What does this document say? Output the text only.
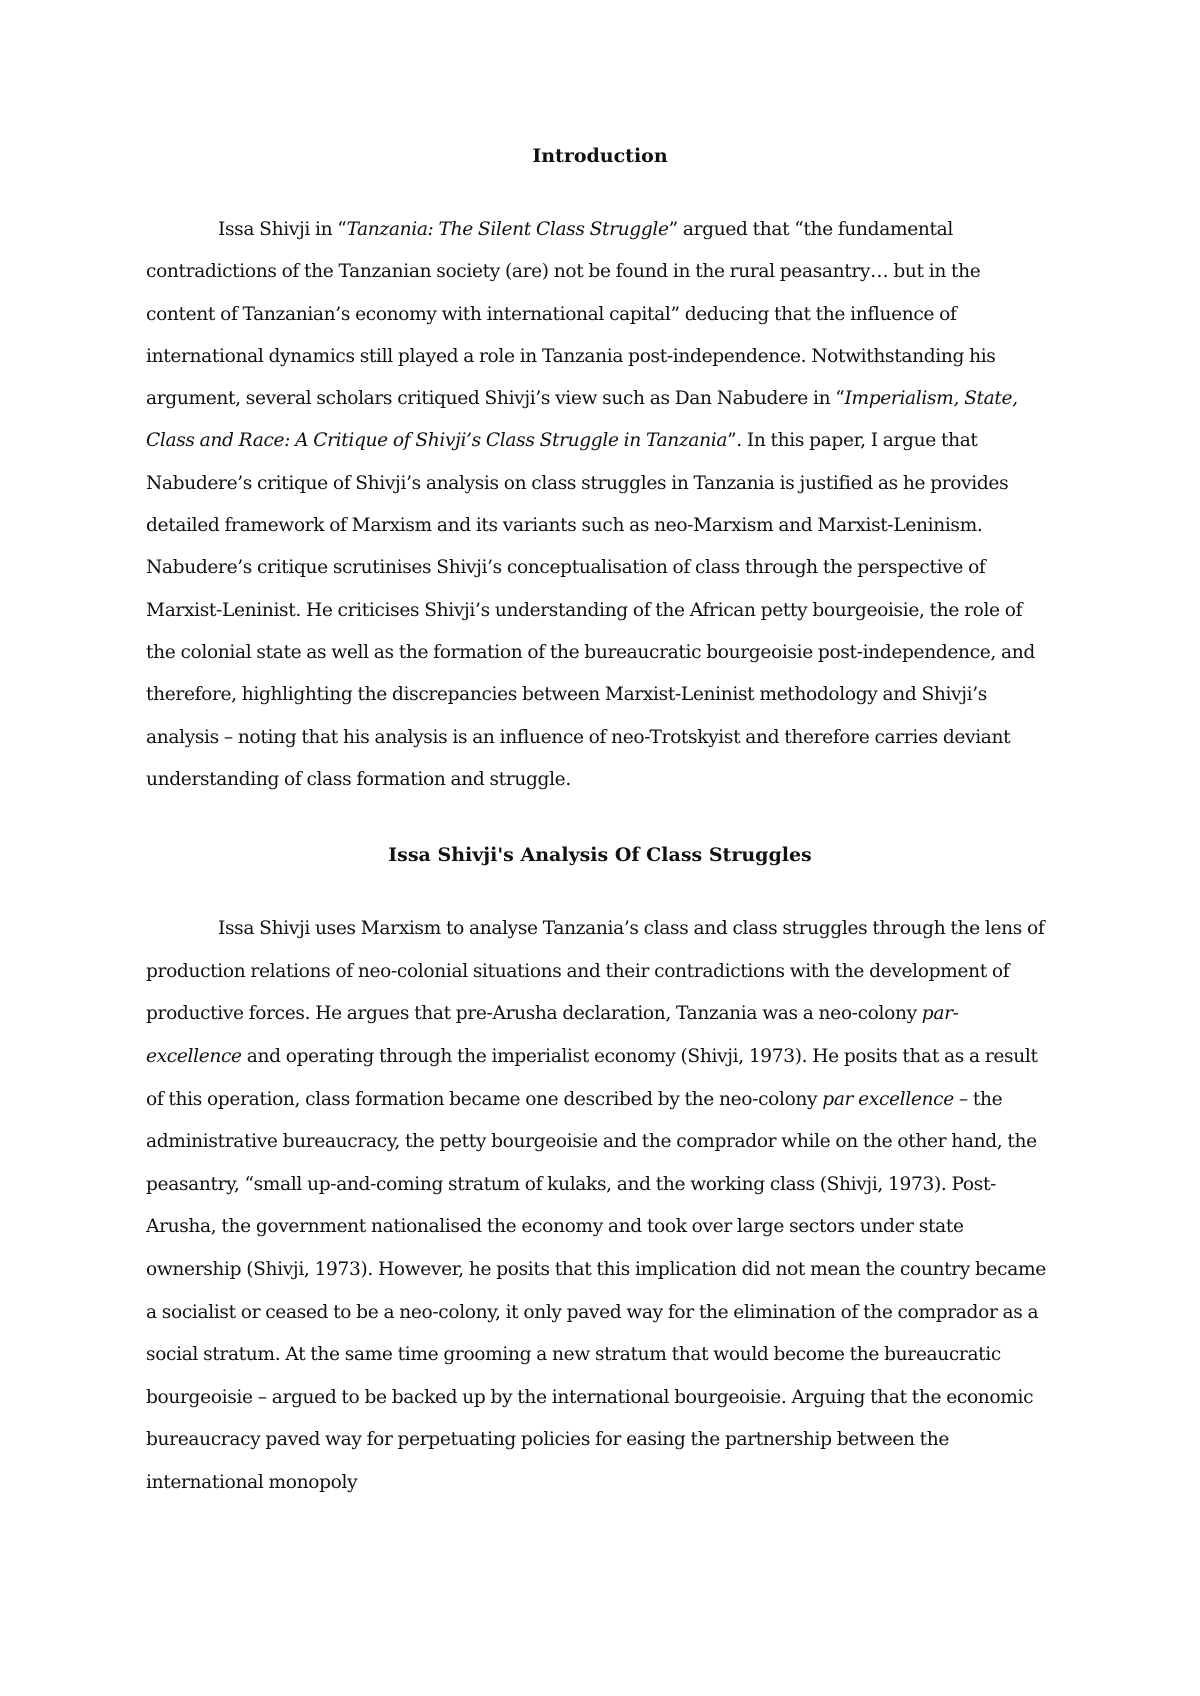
Introduction

Issa Shivji in “Tanzania: The Silent Class Struggle” argued that “the fundamental contradictions of the Tanzanian society (are) not be found in the rural peasantry… but in the content of Tanzanian’s economy with international capital” deducing that the influence of international dynamics still played a role in Tanzania post-independence. Notwithstanding his argument, several scholars critiqued Shivji’s view such as Dan Nabudere in “Imperialism, State, Class and Race: A Critique of Shivji’s Class Struggle in Tanzania”. In this paper, I argue that Nabudere’s critique of Shivji’s analysis on class struggles in Tanzania is justified as he provides detailed framework of Marxism and its variants such as neo-Marxism and Marxist-Leninism. Nabudere’s critique scrutinises Shivji’s conceptualisation of class through the perspective of Marxist-Leninist. He criticises Shivji’s understanding of the African petty bourgeoisie, the role of the colonial state as well as the formation of the bureaucratic bourgeoisie post-independence, and therefore, highlighting the discrepancies between Marxist-Leninist methodology and Shivji’s analysis – noting that his analysis is an influence of neo-Trotskyist and therefore carries deviant understanding of class formation and struggle.

Issa Shivji's Analysis Of Class Struggles

Issa Shivji uses Marxism to analyse Tanzania’s class and class struggles through the lens of production relations of neo-colonial situations and their contradictions with the development of productive forces. He argues that pre-Arusha declaration, Tanzania was a neo-colony par-excellence and operating through the imperialist economy (Shivji, 1973). He posits that as a result of this operation, class formation became one described by the neo-colony par excellence – the administrative bureaucracy, the petty bourgeoisie and the comprador while on the other hand, the peasantry, “small up-and-coming stratum of kulaks, and the working class (Shivji, 1973). Post-Arusha, the government nationalised the economy and took over large sectors under state ownership (Shivji, 1973). However, he posits that this implication did not mean the country became a socialist or ceased to be a neo-colony, it only paved way for the elimination of the comprador as a social stratum. At the same time grooming a new stratum that would become the bureaucratic bourgeoisie – argued to be backed up by the international bourgeoisie. Arguing that the economic bureaucracy paved way for perpetuating policies for easing the partnership between the international monopoly
